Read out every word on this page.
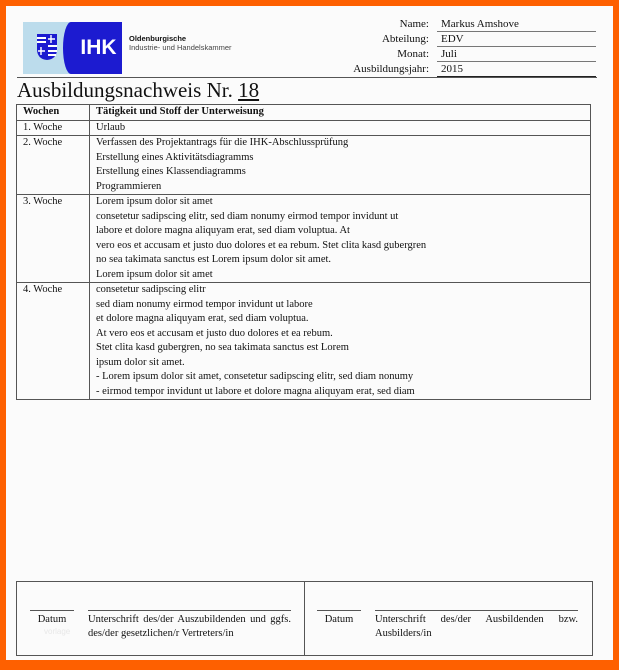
IHK Oldenburgische
Industrie- und Handelskammer
Name:	Markus Amshove
Abteilung:	EDV
Monat:	Juli
Ausbildungsjahr:	2015
Ausbildungsnachweis Nr. 18
Wochen	Tätigkeit und Stoff der Unterweisung
1. Woche	Urlaub

2. Woche	Verfassen des Projektantrags für die IHK-Abschlussprüfung
Erstellung eines Aktivitätsdiagramms
Erstellung eines Klassendiagramms
Programmieren

3. Woche	Lorem ipsum dolor sit amet
consetetur sadipscing elitr, sed diam nonumy eirmod tempor invidunt ut
labore et dolore magna aliquyam erat, sed diam voluptua. At
vero eos et accusam et justo duo dolores et ea rebum. Stet clita kasd gubergren
no sea takimata sanctus est Lorem ipsum dolor sit amet.
Lorem ipsum dolor sit amet

4. Woche	consetetur sadipscing elitr
sed diam nonumy eirmod tempor invidunt ut labore
et dolore magna aliquyam erat, sed diam voluptua.
At vero eos et accusam et justo duo dolores et ea rebum.
Stet clita kasd gubergren, no sea takimata sanctus est Lorem
ipsum dolor sit amet.
- Lorem ipsum dolor sit amet, consetetur sadipscing elitr, sed diam nonumy
- eirmod tempor invidunt ut labore et dolore magna aliquyam erat, sed diam
Datum
vorlage
Unterschrift des/der Auszubildenden und ggfs. des/der gesetzlichen/r Vertreters/in
Datum	Unterschrift des/der Ausbildenden bzw. Ausbilders/in
